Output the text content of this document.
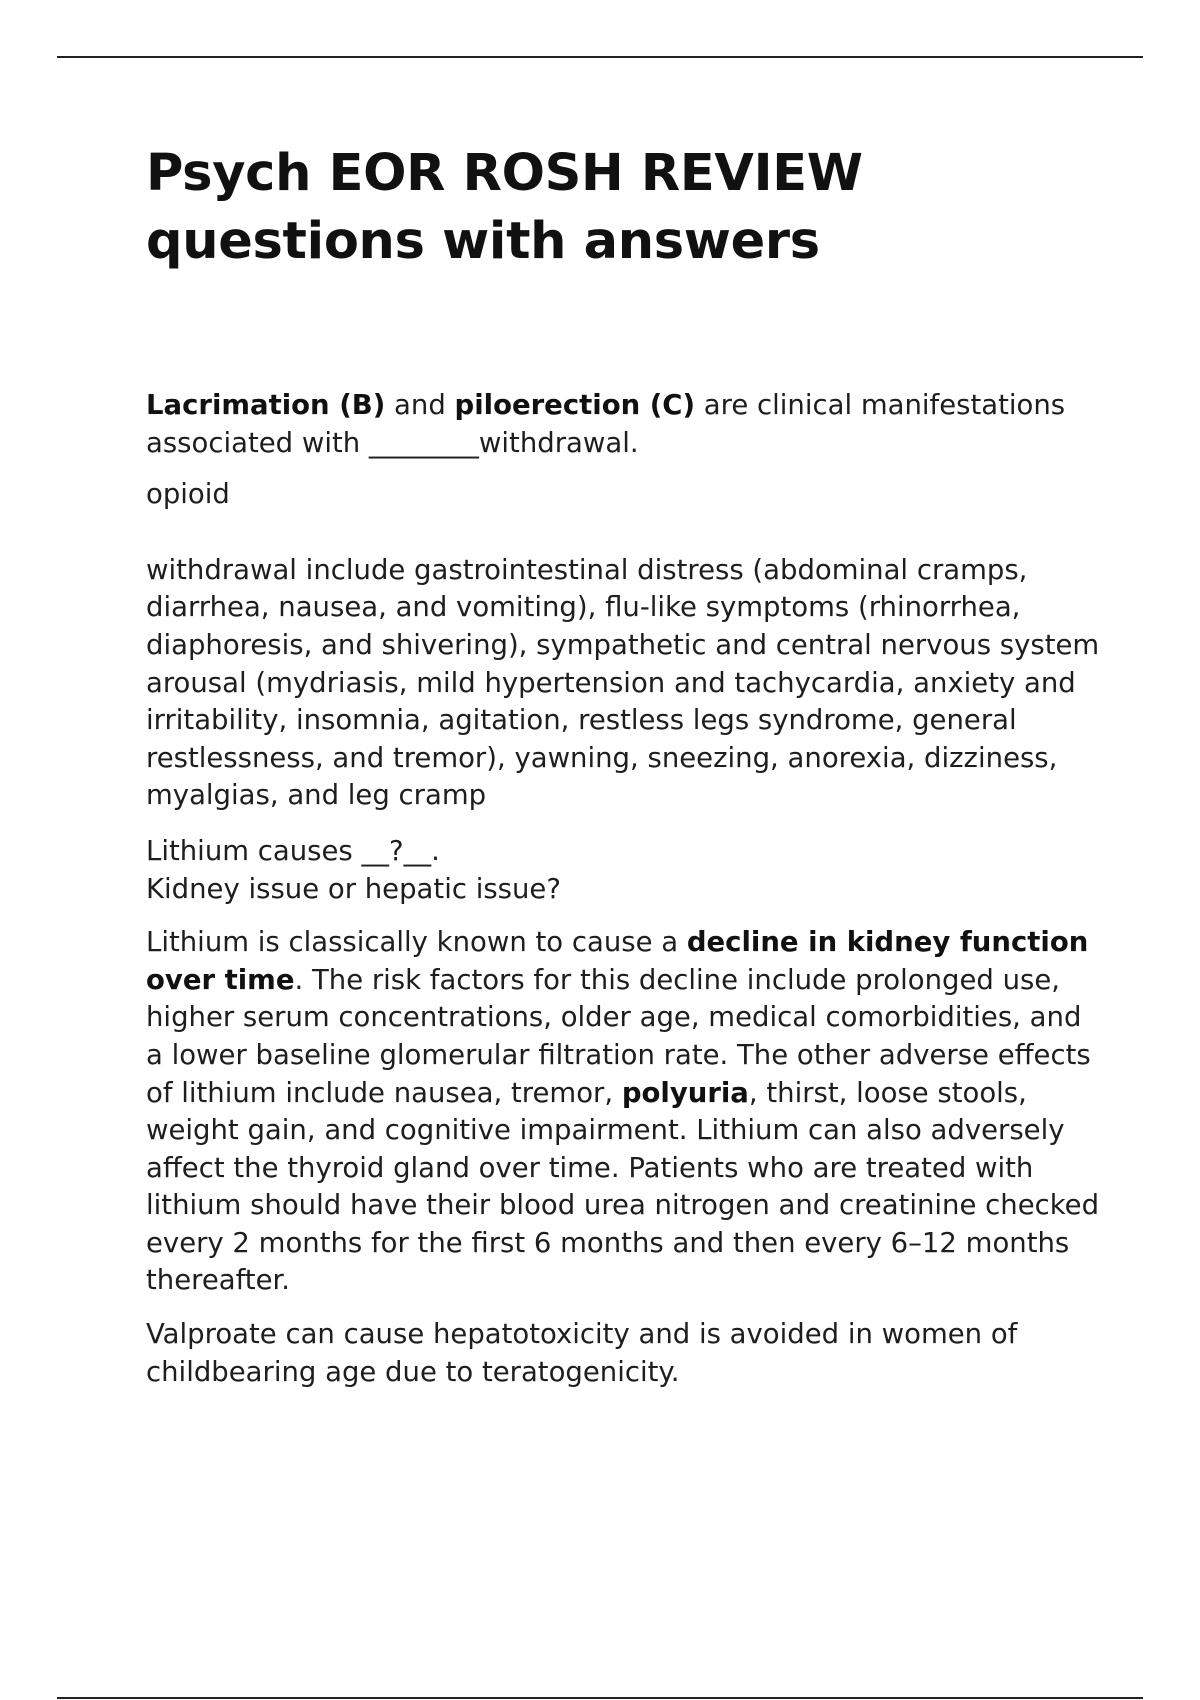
Psych EOR ROSH REVIEW questions with answers

Lacrimation (B) and piloerection (C) are clinical manifestations associated with ________withdrawal.

opioid

withdrawal include gastrointestinal distress (abdominal cramps, diarrhea, nausea, and vomiting), flu-like symptoms (rhinorrhea, diaphoresis, and shivering), sympathetic and central nervous system arousal (mydriasis, mild hypertension and tachycardia, anxiety and irritability, insomnia, agitation, restless legs syndrome, general restlessness, and tremor), yawning, sneezing, anorexia, dizziness, myalgias, and leg cramp

Lithium causes __?__.
Kidney issue or hepatic issue?

Lithium is classically known to cause a decline in kidney function over time. The risk factors for this decline include prolonged use, higher serum concentrations, older age, medical comorbidities, and a lower baseline glomerular filtration rate. The other adverse effects of lithium include nausea, tremor, polyuria, thirst, loose stools, weight gain, and cognitive impairment. Lithium can also adversely affect the thyroid gland over time. Patients who are treated with lithium should have their blood urea nitrogen and creatinine checked every 2 months for the first 6 months and then every 6–12 months thereafter.

Valproate can cause hepatotoxicity and is avoided in women of childbearing age due to teratogenicity.
